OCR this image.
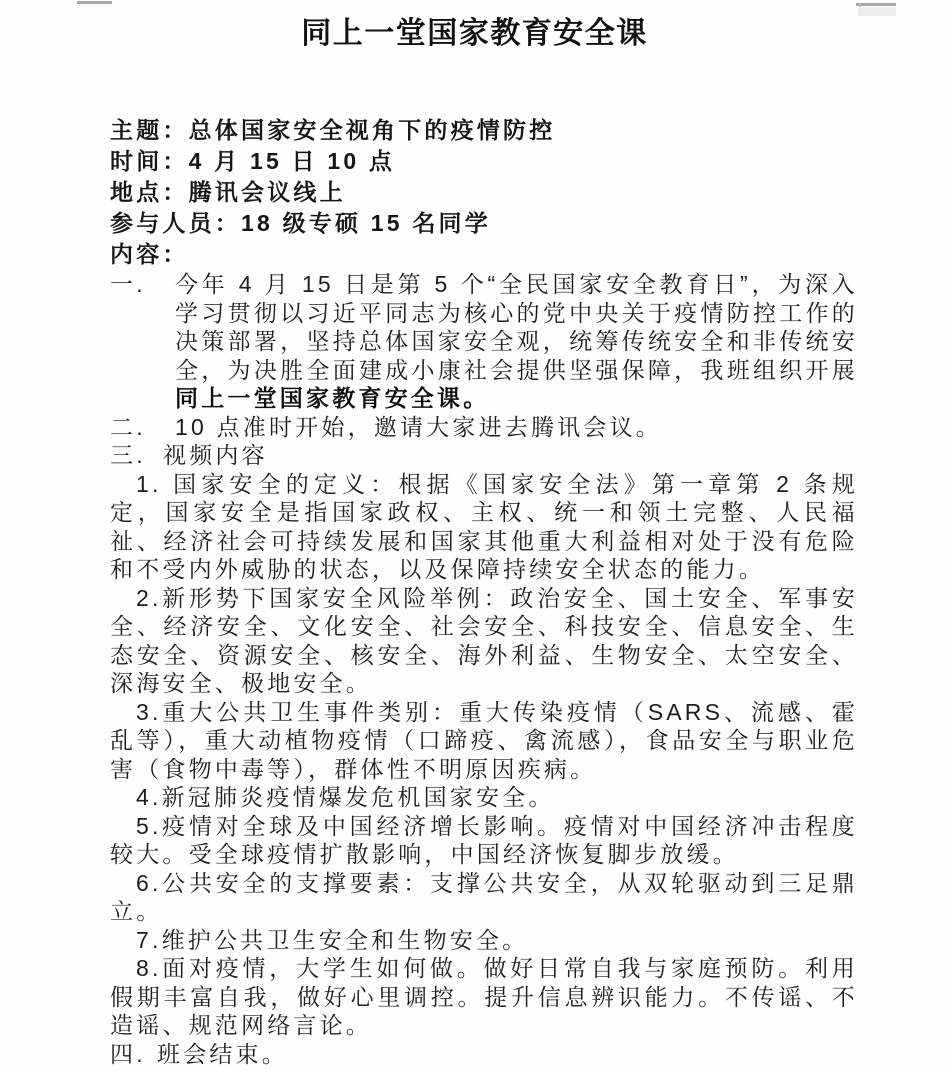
同上一堂国家教育安全课

主题：总体国家安全视角下的疫情防控

时间：4 月 15 日 10 点

地点：腾讯会议线上

参与人员：18 级专硕 15 名同学

内容：

一.	今年 4 月 15 日是第 5 个“全民国家安全教育日”，为深入学习贯彻以习近平同志为核心的党中央关于疫情防控工作的决策部署，坚持总体国家安全观，统筹传统安全和非传统安全，为决胜全面建成小康社会提供坚强保障，我班组织开展同上一堂国家教育安全课。
二.	10 点准时开始，邀请大家进去腾讯会议。
三. 视频内容

1. 国家安全的定义：根据《国家安全法》第一章第 2 条规定，国家安全是指国家政权、主权、统一和领土完整、人民福祉、经济社会可持续发展和国家其他重大利益相对处于没有危险和不受内外威胁的状态，以及保障持续安全状态的能力。

2.新形势下国家安全风险举例：政治安全、国土安全、军事安全、经济安全、文化安全、社会安全、科技安全、信息安全、生态安全、资源安全、核安全、海外利益、生物安全、太空安全、深海安全、极地安全。

3.重大公共卫生事件类别：重大传染疫情（SARS、流感、霍乱等），重大动植物疫情（口蹄疫、禽流感），食品安全与职业危害（食物中毒等），群体性不明原因疾病。

4.新冠肺炎疫情爆发危机国家安全。

5.疫情对全球及中国经济增长影响。疫情对中国经济冲击程度较大。受全球疫情扩散影响，中国经济恢复脚步放缓。

6.公共安全的支撑要素：支撑公共安全，从双轮驱动到三足鼎立。

7.维护公共卫生安全和生物安全。

8.面对疫情，大学生如何做。做好日常自我与家庭预防。利用假期丰富自我，做好心里调控。提升信息辨识能力。不传谣、不造谣、规范网络言论。

四. 班会结束。
